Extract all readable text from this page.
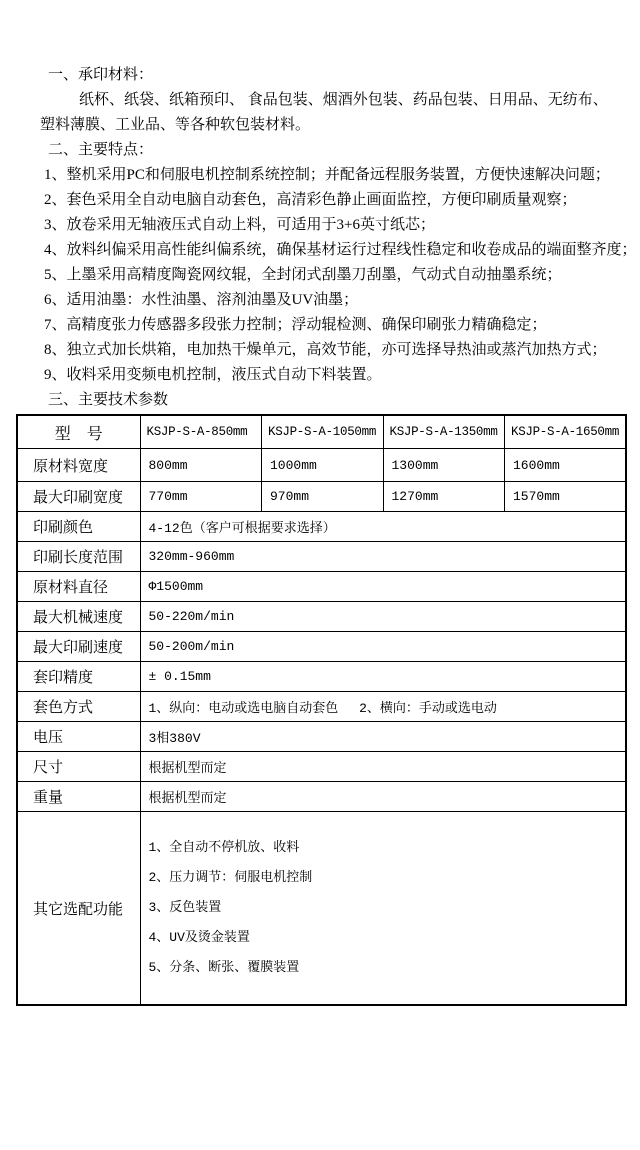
一、承印材料：

纸杯、纸袋、纸箱预印、 食品包装、烟酒外包装、药品包装、日用品、无纺布、

塑料薄膜、工业品、等各种软包装材料。

二、主要特点：

1、整机采用PC和伺服电机控制系统控制；并配备远程服务装置，方便快速解决问题；

2、套色采用全自动电脑自动套色，高清彩色静止画面监控，方便印刷质量观察；

3、放卷采用无轴液压式自动上料，可适用于3+6英寸纸芯；

4、放料纠偏采用高性能纠偏系统，确保基材运行过程线性稳定和收卷成品的端面整齐度；

5、上墨采用高精度陶瓷网纹辊，全封闭式刮墨刀刮墨，气动式自动抽墨系统；

6、适用油墨：水性油墨、溶剂油墨及UV油墨；

7、高精度张力传感器多段张力控制；浮动辊检测、确保印刷张力精确稳定；

8、独立式加长烘箱，电加热干燥单元，高效节能，亦可选择导热油或蒸汽加热方式；

9、收料采用变频电机控制，液压式自动下料装置。

三、主要技术参数

型　号	KSJP-S-A-850mm	KSJP-S-A-1050mm	KSJP-S-A-1350mm	KSJP-S-A-1650mm
原材料宽度	800mm	1000mm	1300mm	1600mm
最大印刷宽度	770mm	970mm	1270mm	1570mm
印刷颜色	4-12色（客户可根据要求选择）			
印刷长度范围	320mm-960mm			
原材料直径	Φ1500mm			
最大机械速度	50-220m/min			
最大印刷速度	50-200m/min			
套印精度	± 0.15mm			
套色方式	1、纵向：电动或选电脑自动套色　 2、横向：手动或选电动			
电压	3相380V			
尺寸	根据机型而定			
重量	根据机型而定			
其它选配功能	1、全自动不停机放、收料

2、压力调节：伺服电机控制

3、反色装置

4、UV及烫金装置

5、分条、断张、覆膜装置			
